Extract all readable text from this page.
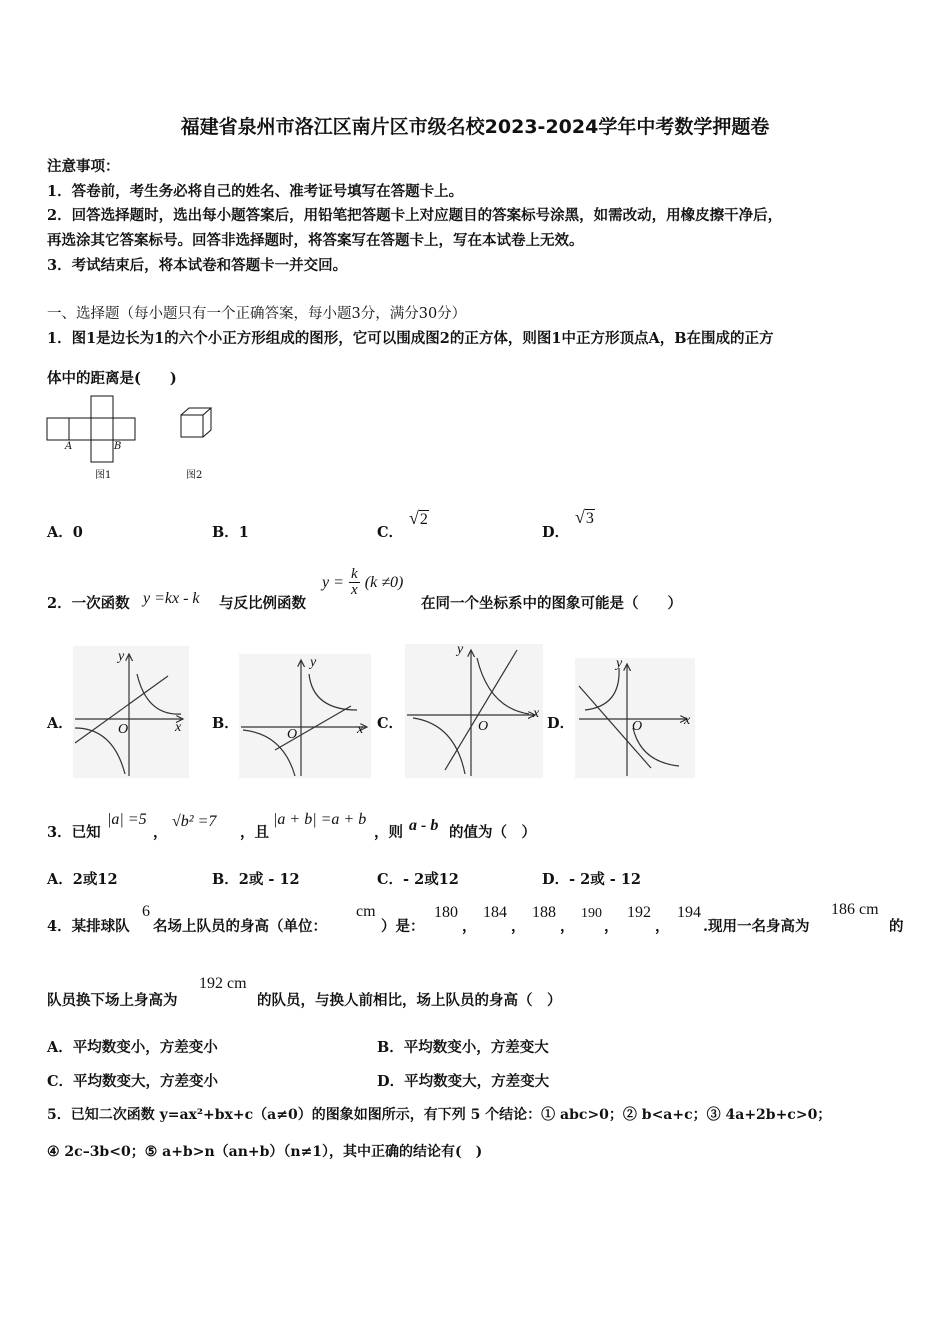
福建省泉州市洛江区南片区市级名校2023-2024学年中考数学押题卷
注意事项：
1．答卷前，考生务必将自己的姓名、准考证号填写在答题卡上。
2．回答选择题时，选出每小题答案后，用铅笔把答题卡上对应题目的答案标号涂黑，如需改动，用橡皮擦干净后，
再选涂其它答案标号。回答非选择题时，将答案写在答题卡上，写在本试卷上无效。
3．考试结束后，将本试卷和答题卡一并交回。
一、选择题（每小题只有一个正确答案，每小题3分，满分30分）
1．图1是边长为1的六个小正方形组成的图形，它可以围成图2的正方体，则图1中正方形顶点A，B在围成的正方
体中的距离是(　　)
A	B
图1	图2
A．0	B．1	C．
√2
D．
√3
2．一次函数 y =kx - k 与反比例函数
$y = \frac{k}{x} (k \ne 0)$
在同一个坐标系中的图象可能是（　　）
A．	B．	C．	D．
y
x
O
y
x
O
y
x
O
y
x
O
3．已知
|a| =5
，
√b² =7
，且
|a + b| =a + b
，则 a - b 的值为（　）
A．2或12	B．2或 - 12	C．- 2或12	D．- 2或 - 12
4．某排球队
6
名场上队员的身高（单位：
cm
）是：
180
，
184
，
188
，
190
，
192
，
194
.现用一名身高为
186 cm
的
队员换下场上身高为
192 cm
的队员，与换人前相比，场上队员的身高（　）
A．平均数变小，方差变小	B．平均数变小，方差变大
C．平均数变大，方差变小	D．平均数变大，方差变大
5．已知二次函数 y=ax²+bx+c（a≠0）的图象如图所示，有下列 5 个结论：① abc>0；② b<a+c；③ 4a+2b+c>0；
④ 2c–3b<0；⑤ a+b>n（an+b）（n≠1），其中正确的结论有(　)
